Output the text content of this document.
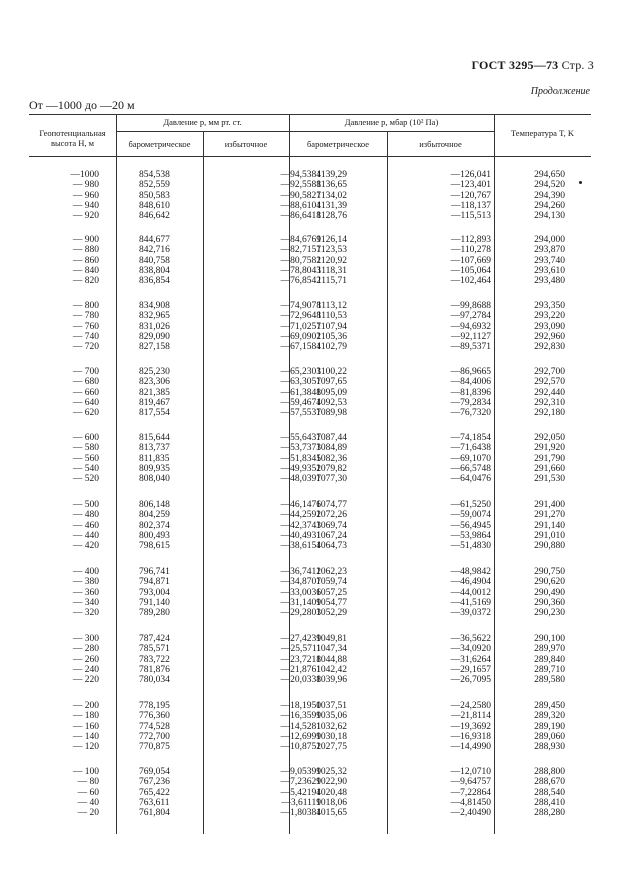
ГОСТ 3295—73 Стр. 3
Продолжение
От —1000 до —20 м
Геопотенциальная высота H, м
Давление p, мм рт. ст.
барометрическое	избыточное
Давление p, мбар (10² Па)
барометрическое	избыточное
Температура T, K
—1000
— 980
— 960
— 940
— 920
854,538
852,559
850,583
848,610
846,642
—94,5384
—92,5588
—90,5827
—88,6104
—86,6418
1139,29
1136,65
1134,02
1131,39
1128,76
—126,041
—123,401
—120,767
—118,137
—115,513
294,650
294,520
294,390
294,260
294,130
— 900
— 880
— 860
— 840
— 820
844,677
842,716
840,758
838,804
836,854
—84,6769
—82,7157
—80,7582
—78,8043
—76,8542
1126,14
1123,53
1120,92
1118,31
1115,71
—112,893
—110,278
—107,669
—105,064
—102,464
294,000
293,870
293,740
293,610
293,480
— 800
— 780
— 760
— 740
— 720
834,908
832,965
831,026
829,090
827,158
—74,9078
—72,9648
—71,0257
—69,0902
—67,1584
1113,12
1110,53
1107,94
1105,36
1102,79
—99,8688
—97,2784
—94,6932
—92,1127
—89,5371
293,350
293,220
293,090
292,960
292,830
— 700
— 680
— 660
— 640
— 620
825,230
823,306
821,385
819,467
817,554
—65,2303
—63,3057
—61,3848
—59,4674
—57,5537
1100,22
1097,65
1095,09
1092,53
1089,98
—86,9665
—84,4006
—81,8396
—79,2834
—76,7320
292,700
292,570
292,440
292,310
292,180
— 600
— 580
— 560
— 540
— 520
815,644
813,737
811,835
809,935
808,040
—55,6437
—53,7373
—51,8345
—49,9352
—48,0397
1087,44
1084,89
1082,36
1079,82
1077,30
—74,1854
—71,6438
—69,1070
—66,5748
—64,0476
292,050
291,920
291,790
291,660
291,530
— 500
— 480
— 460
— 440
— 420
806,148
804,259
802,374
800,493
798,615
—46,1476
—44,2592
—42,3743
—40,4931
—38,6154
1074,77
1072,26
1069,74
1067,24
1064,73
—61,5250
—59,0074
—56,4945
—53,9864
—51,4830
291,400
291,270
291,140
291,010
290,880
— 400
— 380
— 360
— 340
— 320
796,741
794,871
793,004
791,140
789,280
—36,7412
—34,8707
—33,0036
—31,1409
—29,2803
1062,23
1059,74
1057,25
1054,77
1052,29
—48,9842
—46,4904
—44,0012
—41,5169
—39,0372
290,750
290,620
290,490
290,360
290,230
— 300
— 280
— 260
— 240
— 220
787,424
785,571
783,722
781,876
780,034
—27,4239
—25,5711
—23,7218
—21,8761
—20,0338
1049,81
1047,34
1044,88
1042,42
1039,96
—36,5622
—34,0920
—31,6264
—29,1657
—26,7095
290,100
289,970
289,840
289,710
289,580
— 200
— 180
— 160
— 140
— 120
778,195
776,360
774,528
772,700
770,875
—18,1950
—16,3599
—14,5281
—12,6999
—10,8752
1037,51
1035,06
1032,62
1030,18
1027,75
—24,2580
—21,8114
—19,3692
—16,9318
—14,4990
289,450
289,320
289,190
289,060
288,930
— 100
— 80
— 60
— 40
— 20
769,054
767,236
765,422
763,611
761,804
—9,05399
—7,23629
—5,42194
—3,61119
—1,80384
1025,32
1022,90
1020,48
1018,06
1015,65
—12,0710
—9,64757
—7,22864
—4,81450
—2,40490
288,800
288,670
288,540
288,410
288,280
